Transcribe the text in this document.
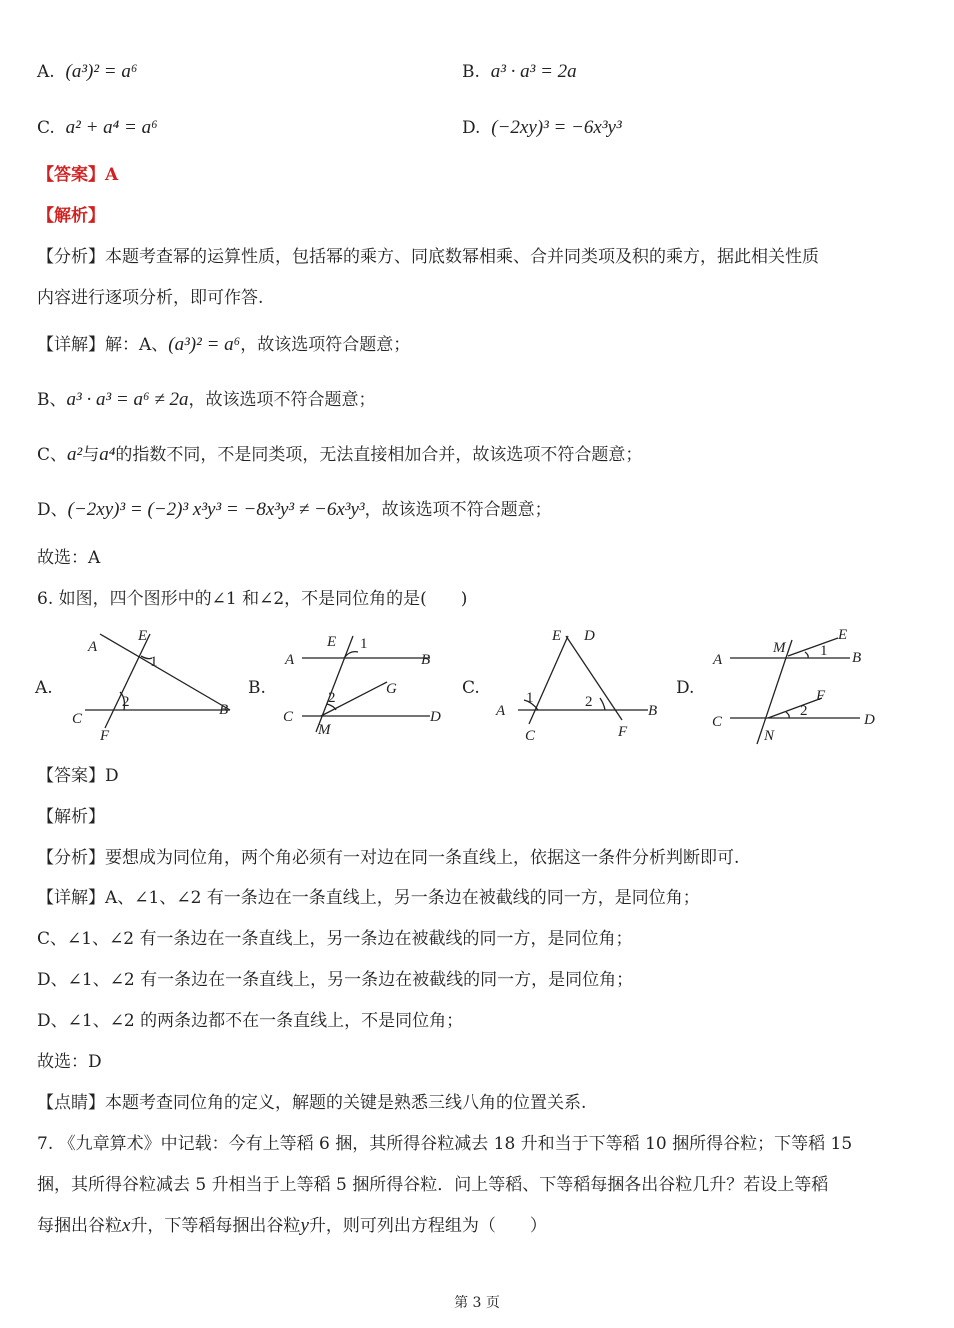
A. (a³)² = a⁶	B. a³ · a³ = 2a
C. a² + a⁴ = a⁶	D. (−2xy)³ = −6x³y³
【答案】A
【解析】
【分析】本题考查幂的运算性质，包括幂的乘方、同底数幂相乘、合并同类项及积的乘方，据此相关性质
内容进行逐项分析，即可作答.
【详解】解：A、(a³)² = a⁶，故该选项符合题意；
B、a³ · a³ = a⁶ ≠ 2a，故该选项不符合题意；
C、a²与a⁴的指数不同，不是同类项，无法直接相加合并，故该选项不符合题意；
D、(−2xy)³ = (−2)³ x³y³ = −8x³y³ ≠ −6x³y³，故该选项不符合题意；
故选：A
6. 如图，四个图形中的∠1 和∠2，不是同位角的是(　　)
A.	B.	C.	D.
A
E
1
2	B
C
F
E 1
A	B
G
2
C	D
M
E D
1	2
A	B
C	F
M
E
1
A	B
F
2
C	D
N
【答案】D
【解析】
【分析】要想成为同位角，两个角必须有一对边在同一条直线上，依据这一条件分析判断即可.
【详解】A、∠1、∠2 有一条边在一条直线上，另一条边在被截线的同一方，是同位角；
C、∠1、∠2 有一条边在一条直线上，另一条边在被截线的同一方，是同位角；
D、∠1、∠2 有一条边在一条直线上，另一条边在被截线的同一方，是同位角；
D、∠1、∠2 的两条边都不在一条直线上，不是同位角；
故选：D
【点睛】本题考查同位角的定义，解题的关键是熟悉三线八角的位置关系.
7. 《九章算术》中记载：今有上等稻 6 捆，其所得谷粒减去 18 升和当于下等稻 10 捆所得谷粒；下等稻 15
捆，其所得谷粒减去 5 升相当于上等稻 5 捆所得谷粒．问上等稻、下等稻每捆各出谷粒几升？若设上等稻
每捆出谷粒x升，下等稻每捆出谷粒y升，则可列出方程组为（　　）
第 3 页
